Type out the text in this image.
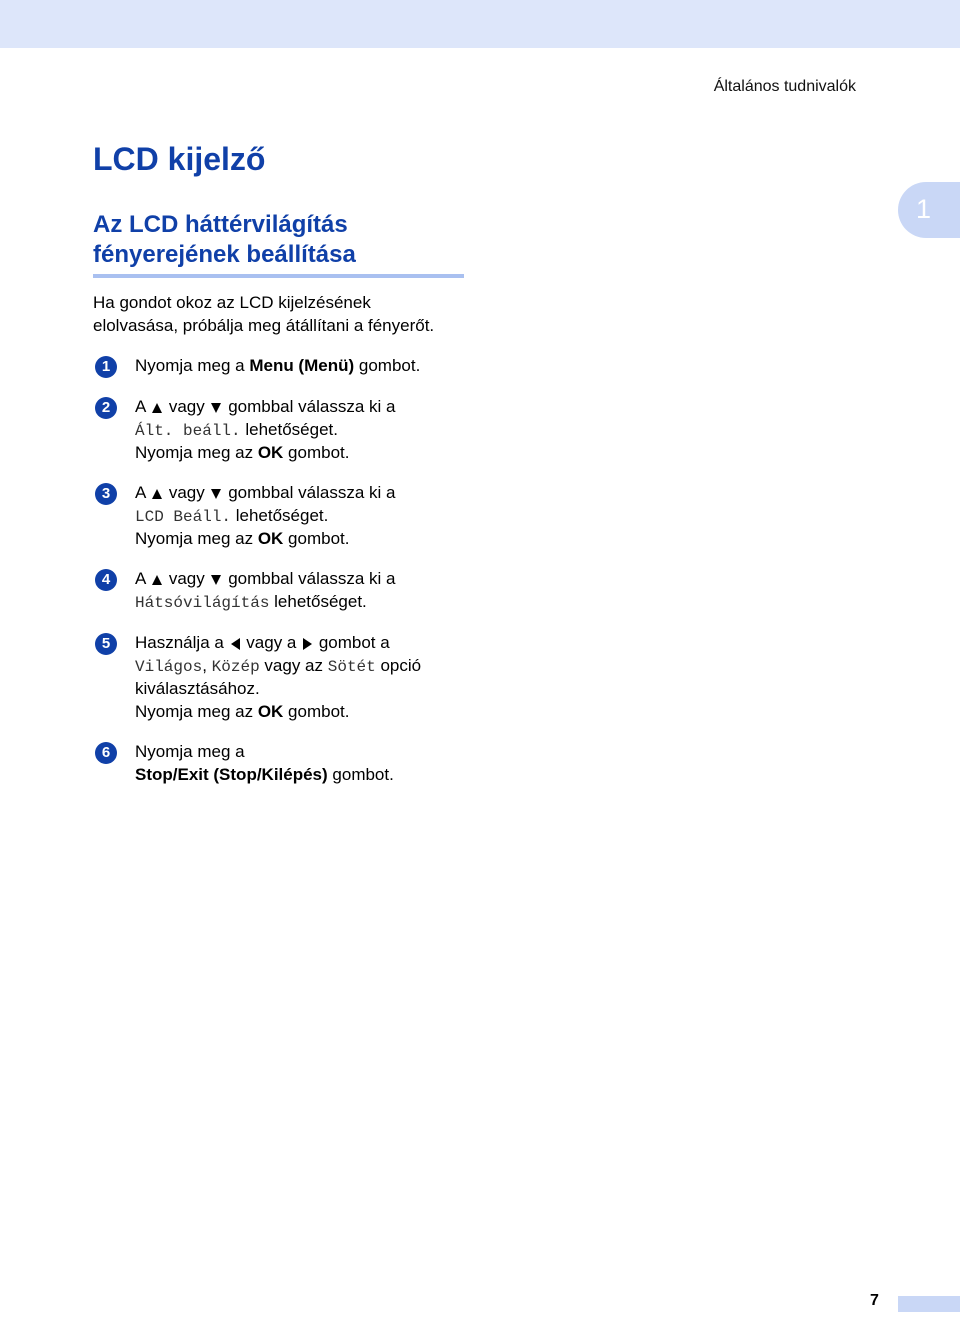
Általános tudnivalók
1
LCD kijelző
Az LCD háttérvilágítás
fényerejének beállítása

Ha gondot okoz az LCD kijelzésének
elolvasása, próbálja meg átállítani a fényerőt.

1	Nyomja meg a Menu (Menü) gombot.
2	A  vagy  gombbal válassza ki a
Ált. beáll. lehetőséget.
Nyomja meg az OK gombot.
3	A  vagy  gombbal válassza ki a
LCD Beáll. lehetőséget.
Nyomja meg az OK gombot.
4	A  vagy  gombbal válassza ki a
Hátsóvilágítás lehetőséget.
5	Használja a  vagy a  gombot a
Világos, Közép vagy az Sötét opció
kiválasztásához.
Nyomja meg az OK gombot.
6	Nyomja meg a
Stop/Exit (Stop/Kilépés) gombot.
7
